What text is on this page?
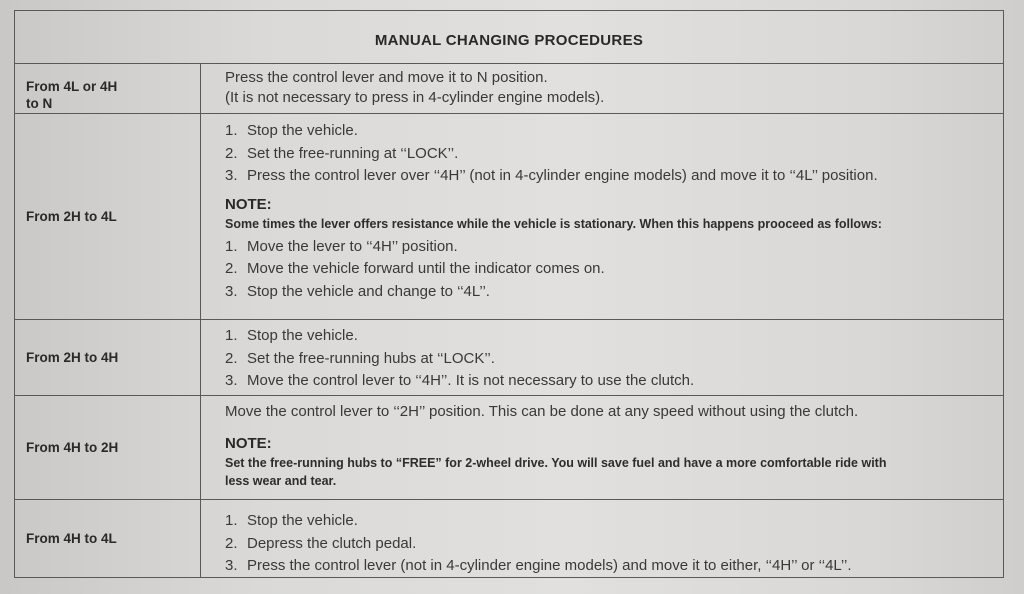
MANUAL CHANGING PROCEDURES
From 4L or 4H
to N
Press the control lever and move it to N position.
(It is not necessary to press in 4-cylinder engine models).
From 2H to 4L
1. Stop the vehicle.
2. Set the free-running at ‘‘LOCK’’.
3. Press the control lever over ‘‘4H’’ (not in 4-cylinder engine models) and move it to ‘‘4L’’ position.
NOTE:
Some times the lever offers resistance while the vehicle is stationary. When this happens prooceed as follows:
1. Move the lever to ‘‘4H’’ position.
2. Move the vehicle forward until the indicator comes on.
3. Stop the vehicle and change to ‘‘4L’’.
From 2H to 4H
1. Stop the vehicle.
2. Set the free-running hubs at ‘‘LOCK’’.
3. Move the control lever to ‘‘4H’’. It is not necessary to use the clutch.
From 4H to 2H
Move the control lever to ‘‘2H’’ position. This can be done at any speed without using the clutch.
NOTE:
Set the free-running hubs to “FREE” for 2-wheel drive. You will save fuel and have a more comfortable ride with
less wear and tear.
From 4H to 4L
1. Stop the vehicle.
2. Depress the clutch pedal.
3. Press the control lever (not in 4-cylinder engine models) and move it to either, ‘‘4H’’ or ‘‘4L’’.
